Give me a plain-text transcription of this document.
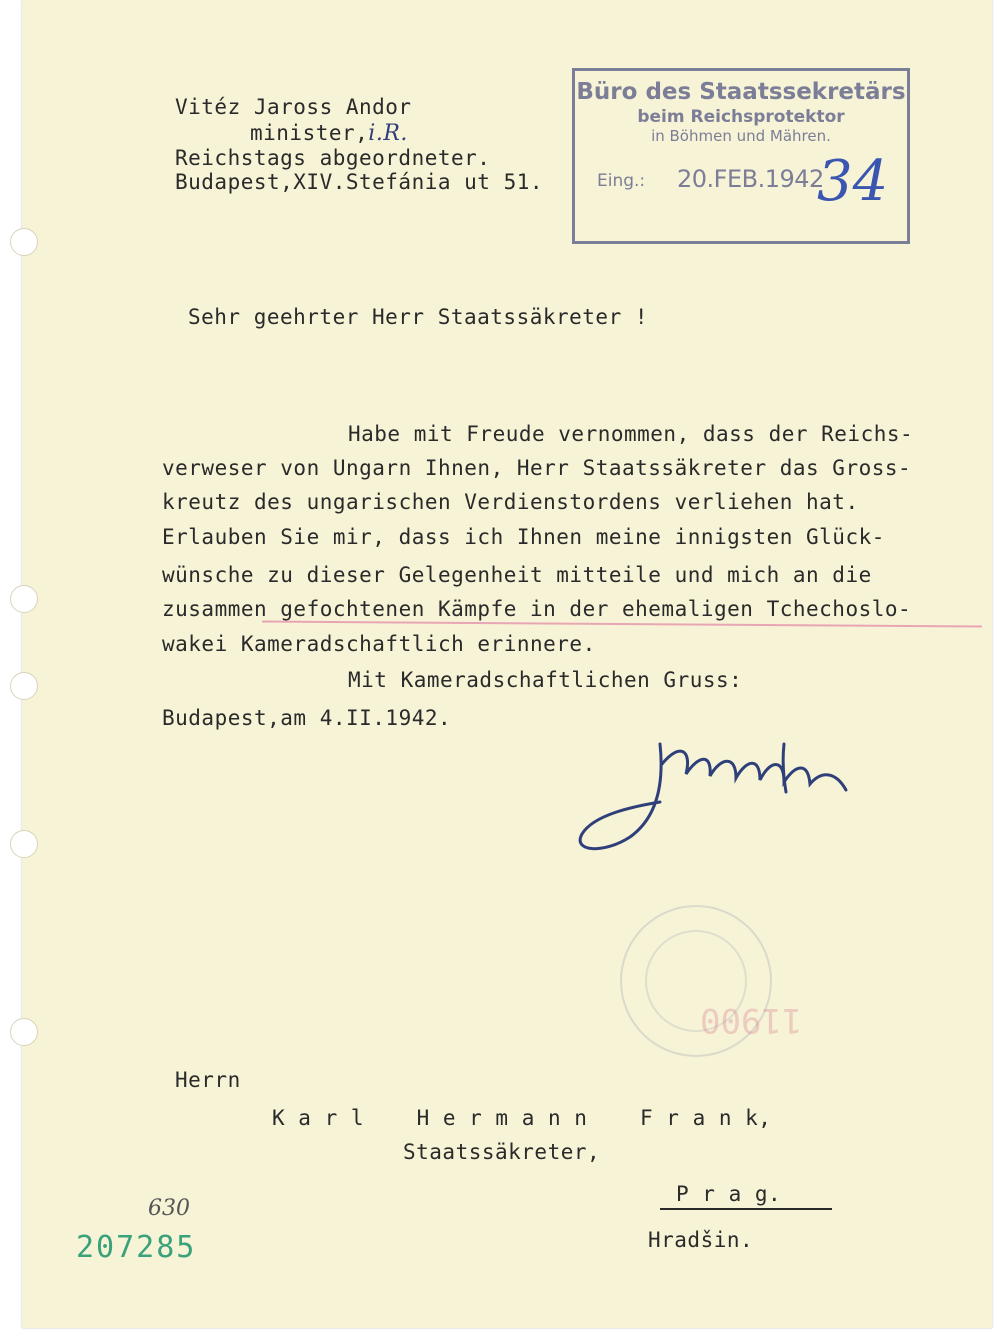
Vitéz Jaross Andor
minister,i.R.
Reichstags abgeordneter.
Budapest,XIV.Stefánia ut 51.
Büro des Staatssekretärs
beim Reichsprotektor
in Böhmen und Mähren.
Eing.: 20.FEB.1942
34
Sehr geehrter Herr Staatssäkreter !
Habe mit Freude vernommen, dass der Reichs-
verweser von Ungarn Ihnen, Herr Staatssäkreter das Gross-
kreutz des ungarischen Verdienstordens verliehen hat.
Erlauben Sie mir, dass ich Ihnen meine innigsten Glück-
wünsche zu dieser Gelegenheit mitteile und mich an die
zusammen gefochtenen Kämpfe in der ehemaligen Tchechoslo-
wakei Kameradschaftlich erinnere.
Mit Kameradschaftlichen Gruss:
Budapest,am 4.II.1942.
11900
Herrn
K a r l    H e r m a n n    F r a n k,
Staatssäkreter,
P r a g.
Hradšin.
630
207285
